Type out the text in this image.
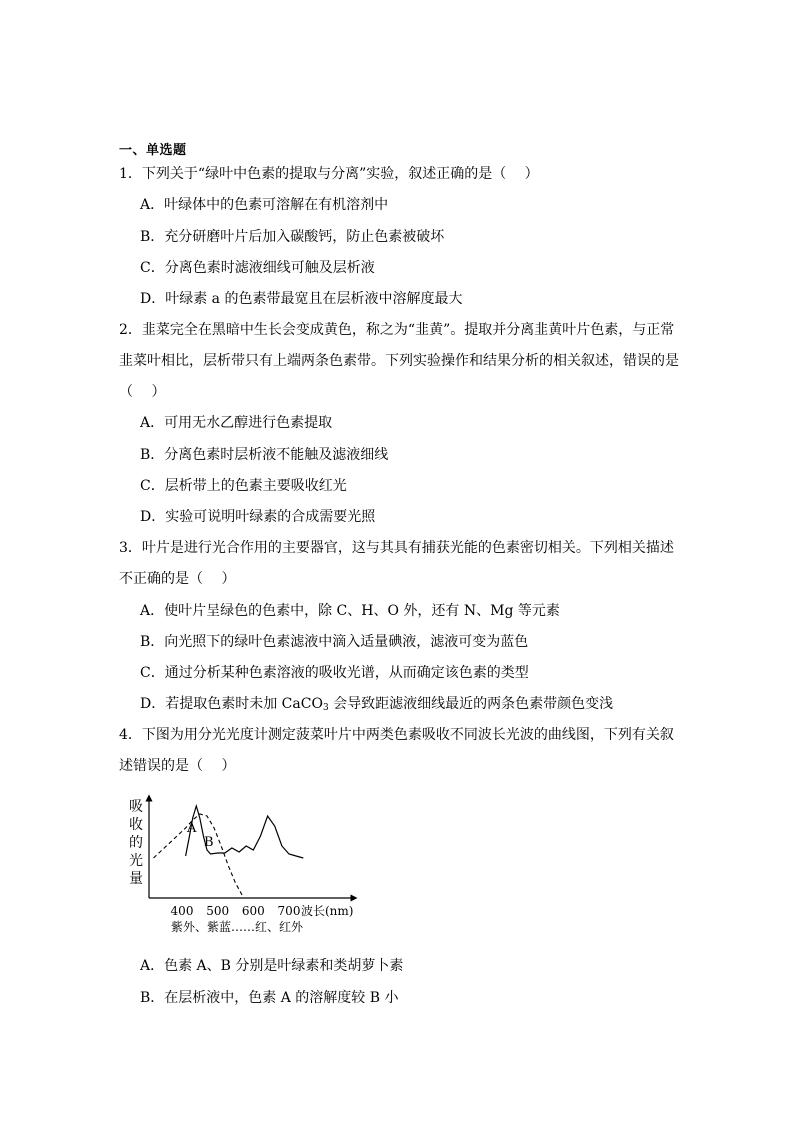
一、单选题
1．下列关于“绿叶中色素的提取与分离”实验，叙述正确的是（　 ）
A．叶绿体中的色素可溶解在有机溶剂中
B．充分研磨叶片后加入碳酸钙，防止色素被破坏
C．分离色素时滤液细线可触及层析液
D．叶绿素 a 的色素带最宽且在层析液中溶解度最大
2．韭菜完全在黑暗中生长会变成黄色，称之为“韭黄”。提取并分离韭黄叶片色素，与正常
韭菜叶相比，层析带只有上端两条色素带。下列实验操作和结果分析的相关叙述，错误的是
（　 ）
A．可用无水乙醇进行色素提取
B．分离色素时层析液不能触及滤液细线
C．层析带上的色素主要吸收红光
D．实验可说明叶绿素的合成需要光照
3．叶片是进行光合作用的主要器官，这与其具有捕获光能的色素密切相关。下列相关描述
不正确的是（　 ）
A．使叶片呈绿色的色素中，除 C、H、O 外，还有 N、Mg 等元素
B．向光照下的绿叶色素滤液中滴入适量碘液，滤液可变为蓝色
C．通过分析某种色素溶液的吸收光谱，从而确定该色素的类型
D．若提取色素时未加 CaCO$_3$ 会导致距滤液细线最近的两条色素带颜色变浅
4．下图为用分光光度计测定菠菜叶片中两类色素吸收不同波长光波的曲线图，下列有关叙
述错误的是（　 ）
吸
收
的
光
量
A
B
400 500 600 700 波长(nm)
紫外、紫蓝……红、红外
A．色素 A、B 分别是叶绿素和类胡萝卜素
B．在层析液中，色素 A 的溶解度较 B 小
